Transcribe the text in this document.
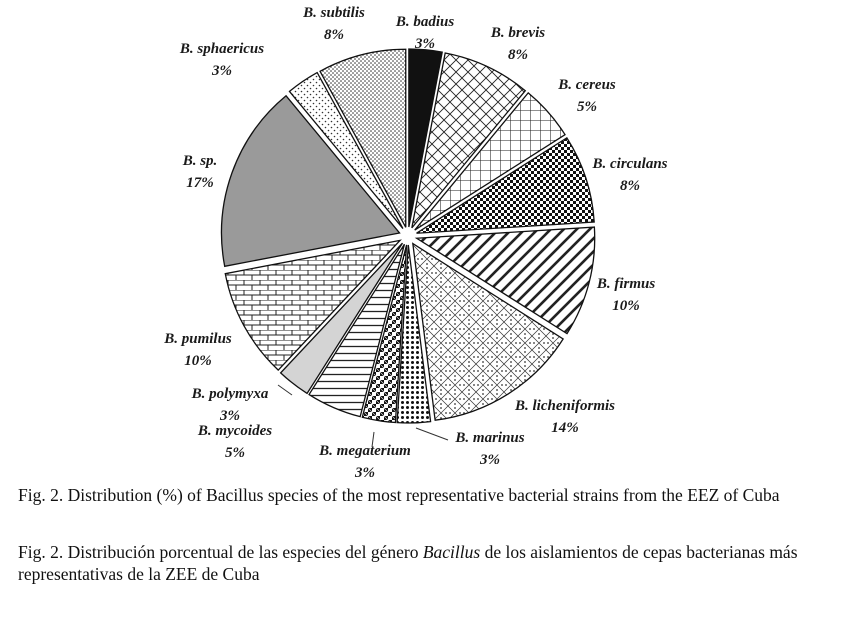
B. badius
3%
B. brevis
8%
B. cereus
5%
B. circulans
8%
B. firmus
10%
B. licheniformis
14%
B. marinus
3%
B. megaterium
3%
B. mycoides
5%
B. polymyxa
3%
B. pumilus
10%
B. sp.
17%
B. sphaericus
3%
B. subtilis
8%
Fig. 2. Distribution (%) of Bacillus species of the most representative bacterial strains from the EEZ of Cuba
Fig. 2. Distribución porcentual de las especies del género Bacillus de los aislamientos de cepas bacterianas más representativas de la ZEE de Cuba
